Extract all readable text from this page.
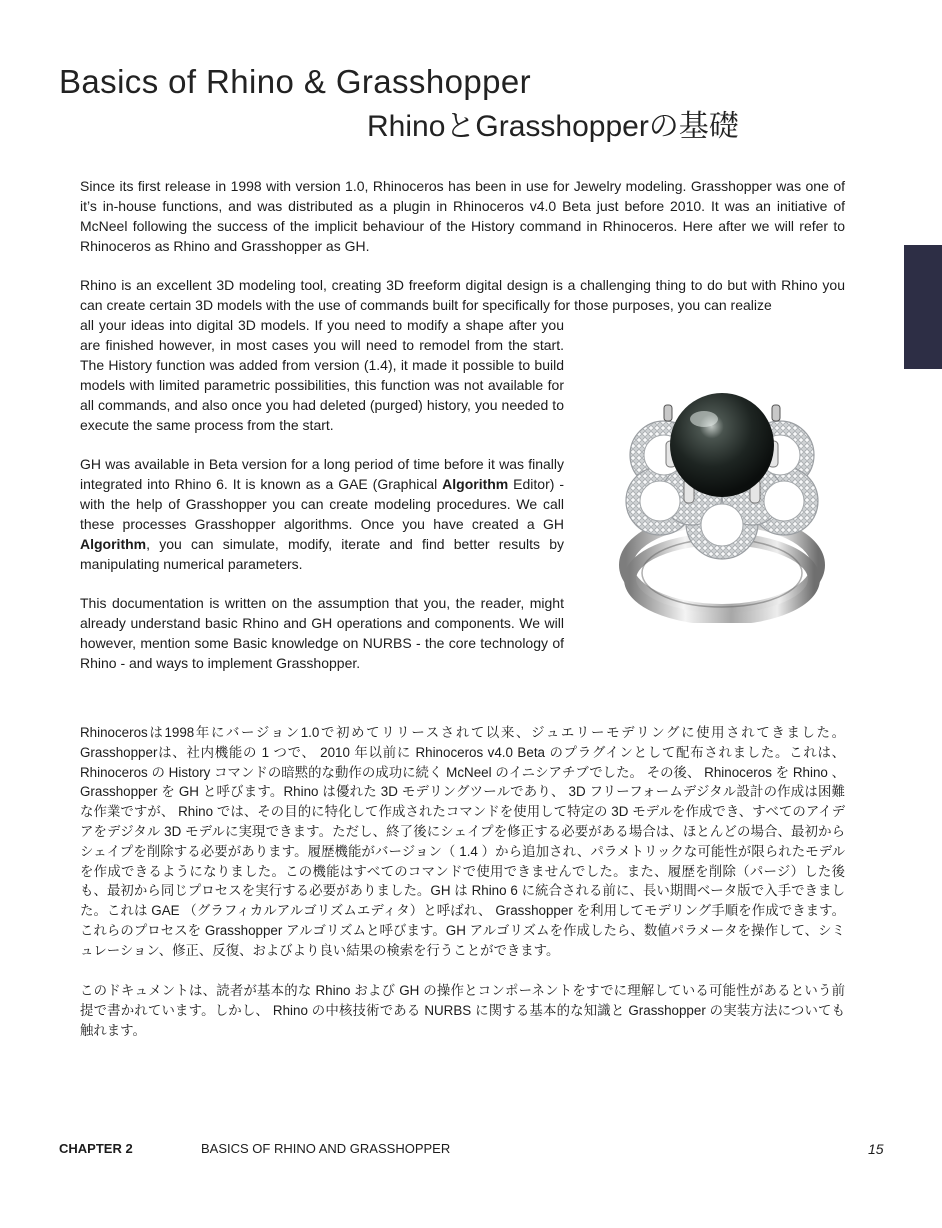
Basics of Rhino & Grasshopper
RhinoとGrasshopperの基礎

Since its first release in 1998 with version 1.0, Rhinoceros has been in use for Jewelry modeling. Grasshopper was one of it’s in-house functions, and was distributed as a plugin in Rhinoceros v4.0 Beta just before 2010. It was an initiative of McNeel following the success of the implicit behaviour of the History command in Rhinoceros. Here after we will refer to Rhinoceros as Rhino and Grasshopper as GH.

Rhino is an excellent 3D modeling tool, creating 3D freeform digital design is a challenging thing to do but with Rhino you can create certain 3D models with the use of commands built for specifically for those purposes, you can realize

all your ideas into digital 3D models. If you need to modify a shape after you are finished however, in most cases you will need to remodel from the start. The History function was added from version (1.4), it made it possible to build models with limited parametric possibilities, this function was not available for all commands, and also once you had deleted (purged) history, you needed to execute the same process from the start.

GH was available in Beta version for a long period of time before it was finally integrated into Rhino 6. It is known as a GAE (Graphical Algorithm Editor) - with the help of Grasshopper you can create modeling procedures. We call these processes Grasshopper algorithms. Once you have created a GH Algorithm, you can simulate, modify, iterate and find better results by manipulating numerical parameters.

This documentation is written on the assumption that you, the reader, might already understand basic Rhino and GH operations and components. We will however, mention some Basic knowledge on NURBS - the core technology of Rhino - and ways to implement Grasshopper.

Rhinocerosは1998年にバージョン1.0で初めてリリースされて以来、ジュエリーモデリングに使用されてきました。Grasshopperは、社内機能の 1 つで、 2010 年以前に Rhinoceros v4.0 Beta のプラグインとして配布されました。これは、 Rhinoceros の History コマンドの暗黙的な動作の成功に続く McNeel のイニシアチブでした。 その後、 Rhinoceros を Rhino 、 Grasshopper を GH と呼びます。Rhino は優れた 3D モデリングツールであり、 3D フリーフォームデジタル設計の作成は困難な作業ですが、 Rhino では、その目的に特化して作成されたコマンドを使用して特定の 3D モデルを作成でき、すべてのアイデアをデジタル 3D モデルに実現できます。ただし、終了後にシェイプを修正する必要がある場合は、ほとんどの場合、最初からシェイプを削除する必要があります。履歴機能がバージョン（ 1.4 ）から追加され、パラメトリックな可能性が限られたモデルを作成できるようになりました。この機能はすべてのコマンドで使用できませんでした。また、履歴を削除（パージ）した後も、最初から同じプロセスを実行する必要がありました。GH は Rhino 6 に統合される前に、長い期間ベータ版で入手できました。これは GAE （グラフィカルアルゴリズムエディタ）と呼ばれ、 Grasshopper を利用してモデリング手順を作成できます。 これらのプロセスを Grasshopper アルゴリズムと呼びます。GH アルゴリズムを作成したら、数値パラメータを操作して、シミュレーション、修正、反復、およびより良い結果の検索を行うことができます。

このドキュメントは、読者が基本的な Rhino および GH の操作とコンポーネントをすでに理解している可能性があるという前提で書かれています。しかし、 Rhino の中核技術である NURBS に関する基本的な知識と Grasshopper の実装方法についても触れます。

CHAPTER 2	BASICS OF RHINO AND GRASSHOPPER	15
